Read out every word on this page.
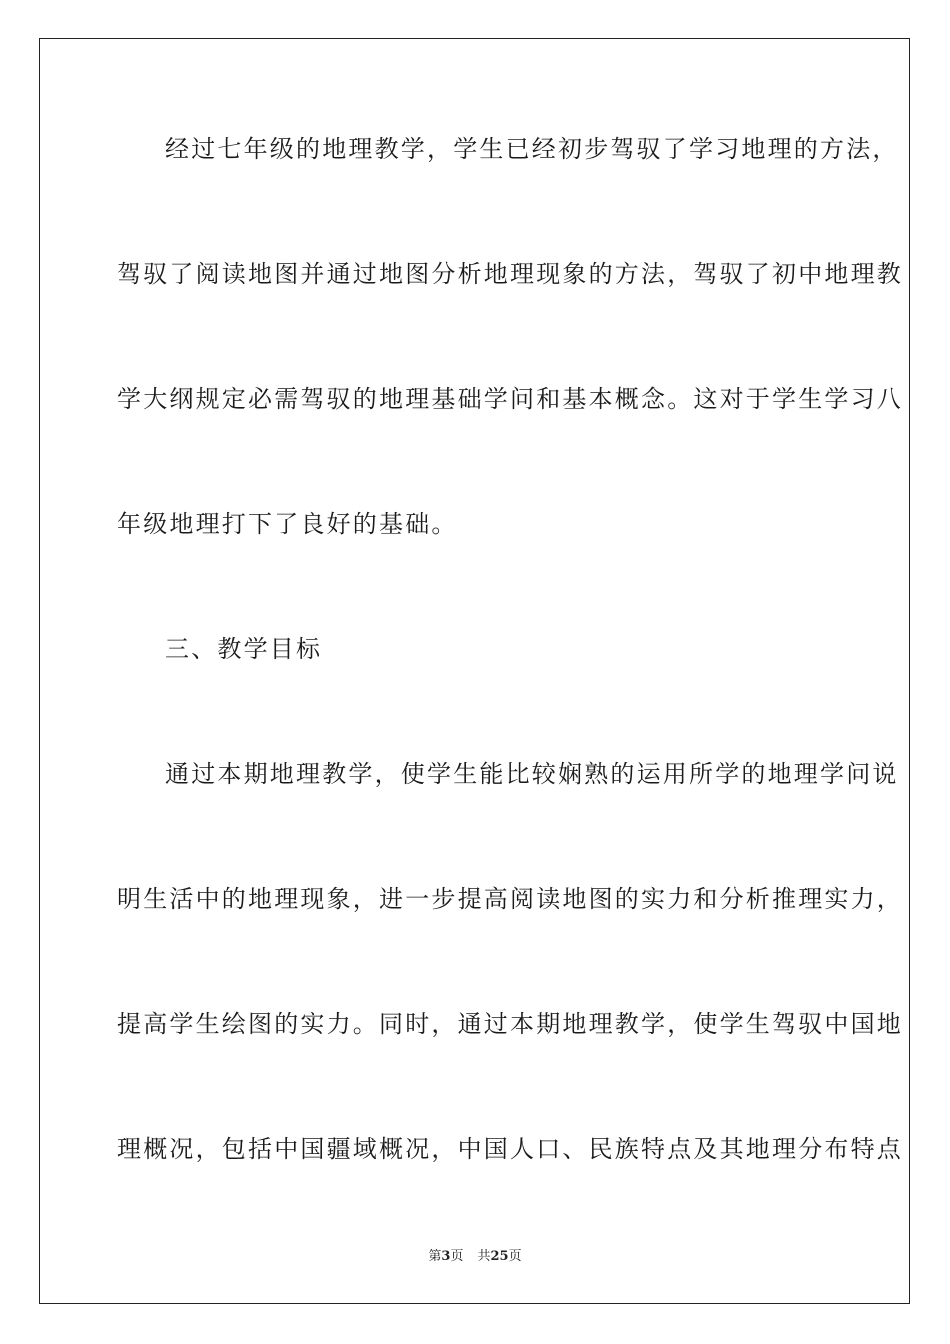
经过七年级的地理教学，学生已经初步驾驭了学习地理的方法，
驾驭了阅读地图并通过地图分析地理现象的方法，驾驭了初中地理教
学大纲规定必需驾驭的地理基础学问和基本概念。这对于学生学习八
年级地理打下了良好的基础。
三、教学目标
通过本期地理教学，使学生能比较娴熟的运用所学的地理学问说
明生活中的地理现象，进一步提高阅读地图的实力和分析推理实力，
提高学生绘图的实力。同时，通过本期地理教学，使学生驾驭中国地
理概况，包括中国疆域概况，中国人口、民族特点及其地理分布特点
第3页 共25页
